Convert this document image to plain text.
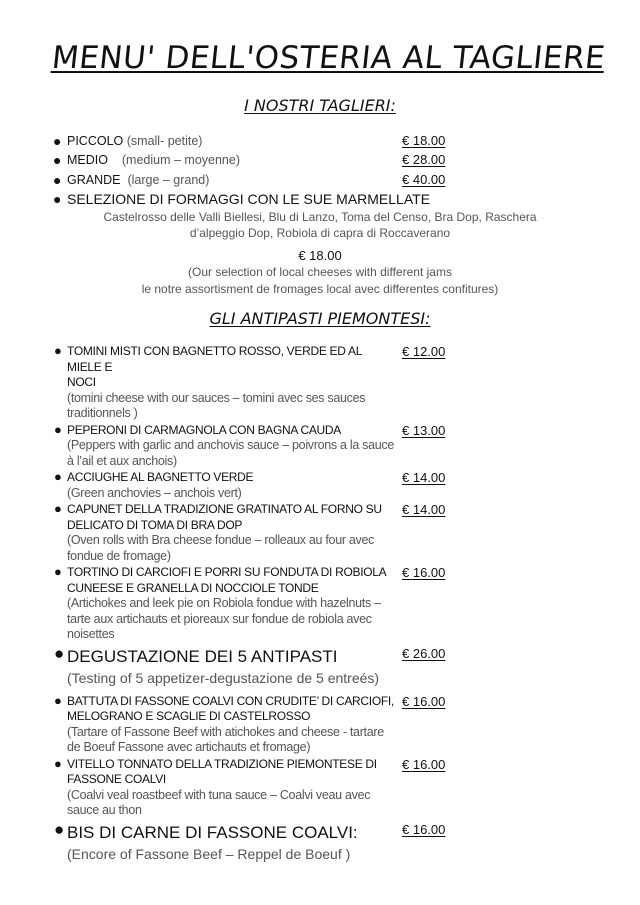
MENU' DELL'OSTERIA AL TAGLIERE
I NOSTRI TAGLIERI:
● PICCOLO (small- petite)	€ 18.00
● MEDIO (medium – moyenne)	€ 28.00
● GRANDE (large – grand)	€ 40.00
● SELEZIONE DI FORMAGGI CON LE SUE MARMELLATE
Castelrosso delle Valli Biellesi, Blu di Lanzo, Toma del Censo, Bra Dop, Raschera
d’alpeggio Dop, Robiola di capra di Roccaverano
€ 18.00
(Our selection of local cheeses with different jams
le notre assortisment de fromages local avec differentes confitures)
GLI ANTIPASTI PIEMONTESI:
● TOMINI MISTI CON BAGNETTO ROSSO, VERDE ED AL MIELE E
NOCI
(tomini cheese with our sauces – tomini avec ses sauces
traditionnels )
€ 12.00
● PEPERONI DI CARMAGNOLA CON BAGNA CAUDA
(Peppers with garlic and anchovis sauce – poivrons a la sauce
à l’ail et aux anchois)
€ 13.00
● ACCIUGHE AL BAGNETTO VERDE
(Green anchovies – anchois vert)
€ 14.00
● CAPUNET DELLA TRADIZIONE GRATINATO AL FORNO SU
DELICATO DI TOMA DI BRA DOP
(Oven rolls with Bra cheese fondue – rolleaux au four avec
fondue de fromage)
€ 14.00
● TORTINO DI CARCIOFI E PORRI SU FONDUTA DI ROBIOLA
CUNEESE E GRANELLA DI NOCCIOLE TONDE
(Artichokes and leek pie on Robiola fondue with hazelnuts –
tarte aux artichauts et pioreaux sur fondue de robiola avec
noisettes
€ 16.00
● DEGUSTAZIONE DEI 5 ANTIPASTI
(Testing of 5 appetizer-degustazione de 5 entreés)
€ 26.00
● BATTUTA DI FASSONE COALVI CON CRUDITE’ DI CARCIOFI,
MELOGRANO E SCAGLIE DI CASTELROSSO
(Tartare of Fassone Beef with atichokes and cheese - tartare
de Boeuf Fassone avec artichauts et fromage)
€ 16.00
● VITELLO TONNATO DELLA TRADIZIONE PIEMONTESE DI
FASSONE COALVI
(Coalvi veal roastbeef with tuna sauce – Coalvi veau avec
sauce au thon
€ 16.00
● BIS DI CARNE DI FASSONE COALVI:
(Encore of Fassone Beef – Reppel de Boeuf )
€ 16.00
